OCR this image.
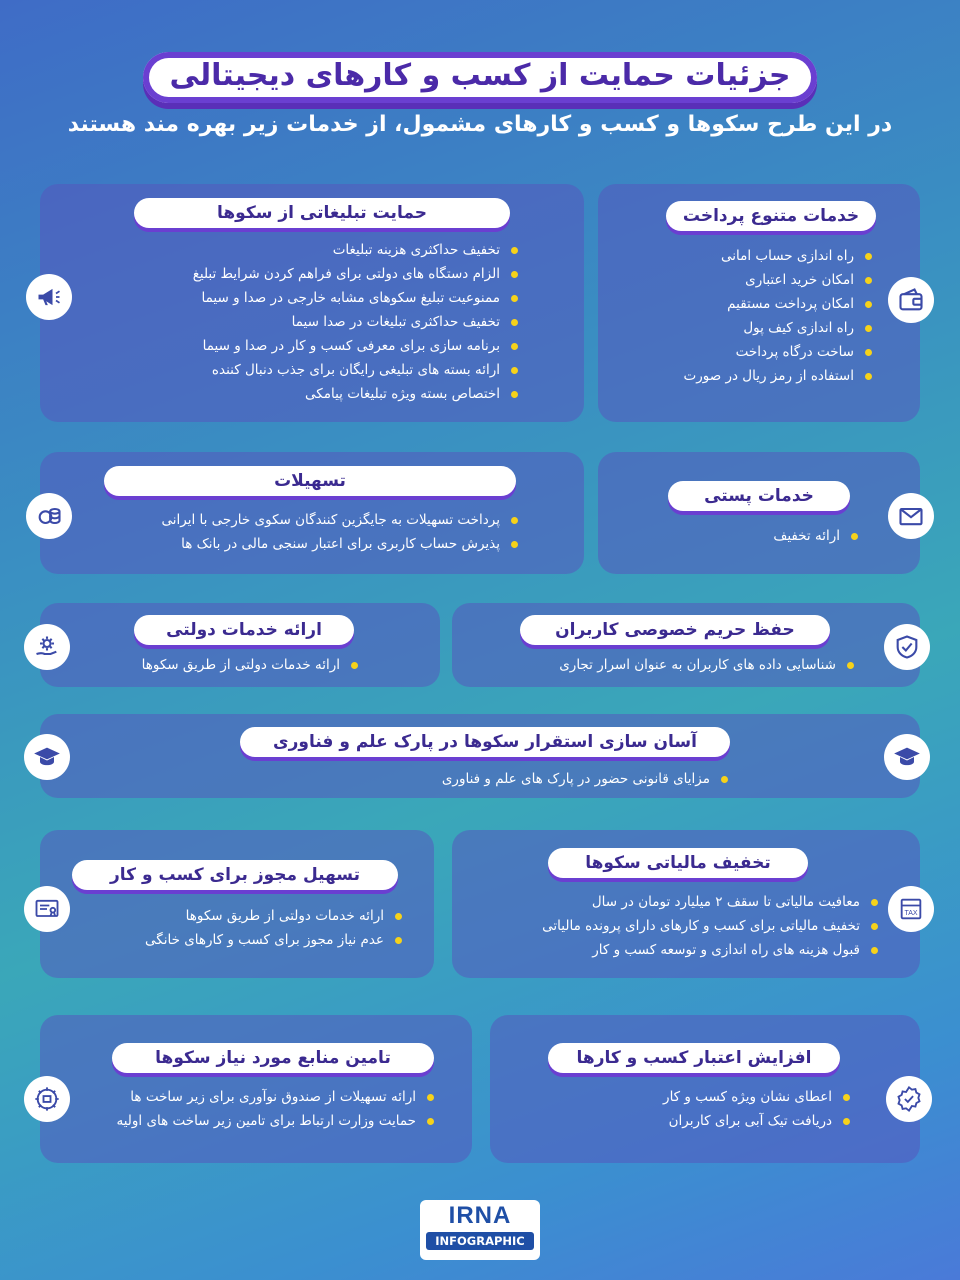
جزئیات حمایت از کسب و کارهای دیجیتالی
در این طرح سکوها و کسب و کارهای مشمول، از خدمات زیر بهره مند هستند
خدمات متنوع پرداخت
راه اندازی حساب امانی
امکان خرید اعتباری
امکان پرداخت مستقیم
راه اندازی کیف پول
ساخت درگاه پرداخت
استفاده از رمز ریال در صورت
حمایت تبلیغاتی از سکوها
تخفیف حداکثری هزینه تبلیغات
الزام دستگاه های دولتی برای فراهم کردن شرایط تبلیغ
ممنوعیت تبلیغ سکوهای مشابه خارجی در صدا و سیما
تخفیف حداکثری تبلیغات در صدا سیما
برنامه سازی برای معرفی کسب و کار در صدا و سیما
ارائه بسته های تبلیغی رایگان برای جذب دنبال کننده
اختصاص بسته ویژه تبلیغات پیامکی
خدمات پستی
ارائه تخفیف
تسهیلات
پرداخت تسهیلات به جایگزین کنندگان سکوی خارجی با ایرانی
پذیرش حساب کاربری برای اعتبار سنجی مالی در بانک ها
حفظ حریم خصوصی کاربران
شناسایی داده های کاربران به عنوان اسرار تجاری
ارائه خدمات دولتی
ارائه خدمات دولتی از طریق سکوها
آسان سازی استقرار سکوها در پارک علم و فناوری
مزایای قانونی حضور در پارک های علم و فناوری
تخفیف مالیاتی سکوها
معافیت مالیاتی تا سقف ۲ میلیارد تومان در سال
تخفیف مالیاتی برای کسب و کارهای دارای پرونده مالیاتی
قبول هزینه های راه اندازی و توسعه کسب و کار
TAX
تسهیل مجوز برای کسب و کار
ارائه خدمات دولتی از طریق سکوها
عدم نیاز مجوز برای کسب و کارهای خانگی
افزایش اعتبار کسب و کارها
اعطای نشان ویژه کسب و کار
دریافت تیک آبی برای کاربران
تامین منابع مورد نیاز سکوها
ارائه تسهیلات از صندوق نوآوری برای زیر ساخت ها
حمایت وزارت ارتباط برای تامین زیر ساخت های اولیه
IRNA
INFOGRAPHIC
